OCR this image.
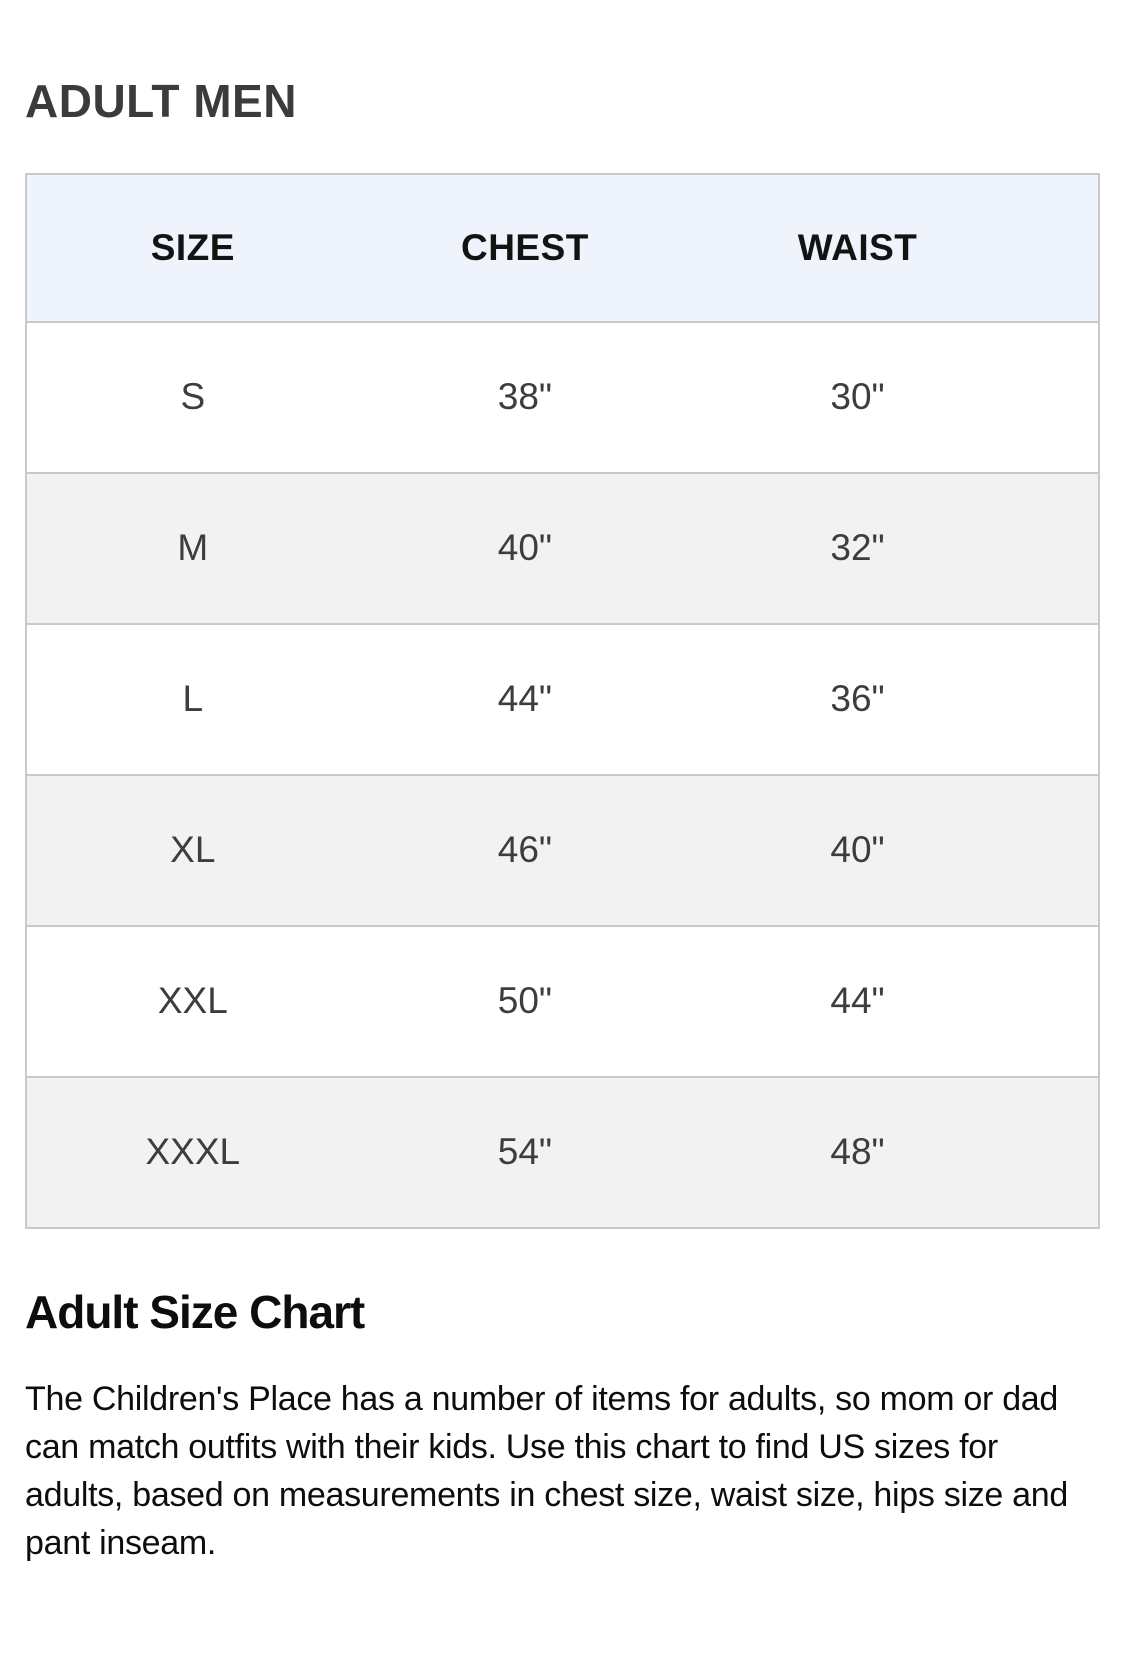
ADULT MEN
SIZE	CHEST	WAIST	
S	38"	30"	
M	40"	32"	
L	44"	36"	
XL	46"	40"	
XXL	50"	44"	
XXXL	54"	48"	
Adult Size Chart

The Children's Place has a number of items for adults, so mom or dad can match outfits with their kids. Use this chart to find US sizes for adults, based on measurements in chest size, waist size, hips size and pant inseam.
